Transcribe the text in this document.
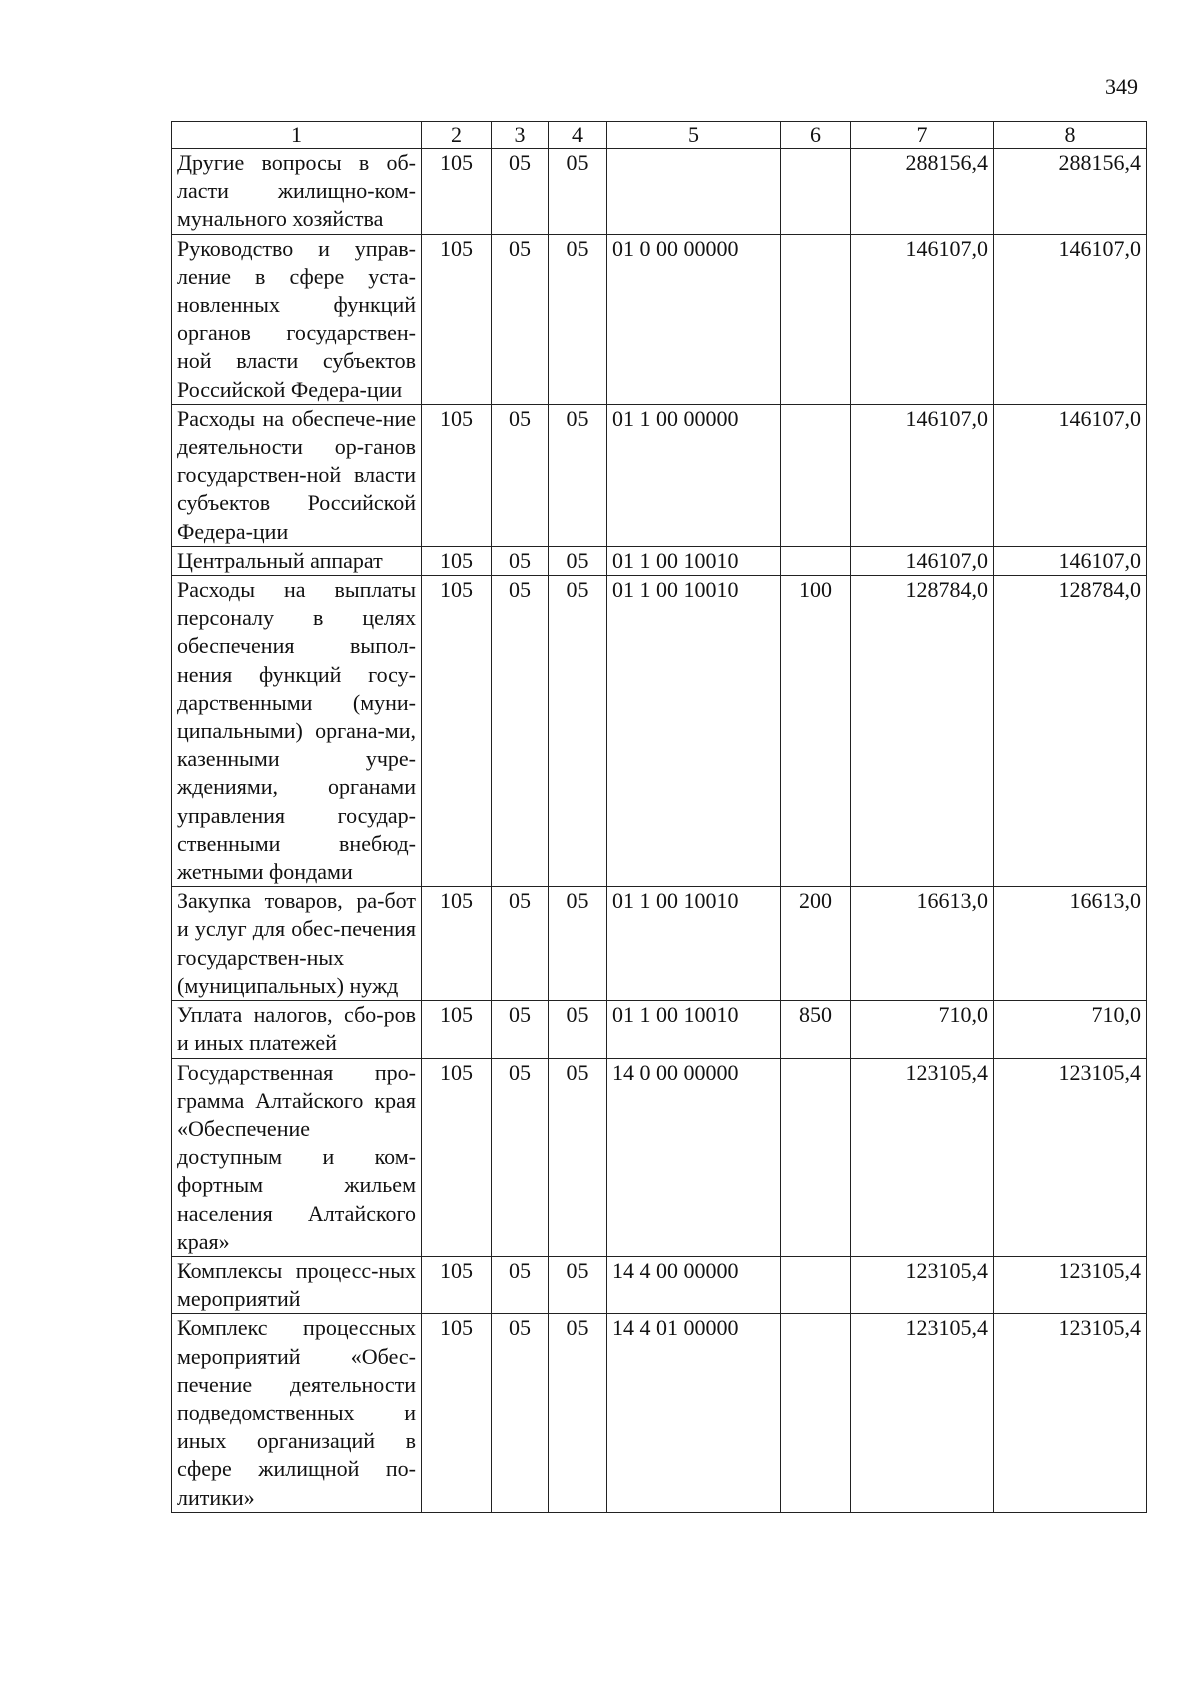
349
1	2	3	4	5	6	7	8
Другие вопросы в об-ласти жилищно-ком-мунального хозяйства	105	05	05			288156,4	288156,4
Руководство и управ-ление в сфере уста-новленных функций органов государствен-ной власти субъектов Российской Федера-ции	105	05	05	01 0 00 00000		146107,0	146107,0
Расходы на обеспече-ние деятельности ор-ганов государствен-ной власти субъектов Российской Федера-ции	105	05	05	01 1 00 00000		146107,0	146107,0
Центральный аппарат	105	05	05	01 1 00 10010		146107,0	146107,0
Расходы на выплаты персоналу в целях обеспечения выпол-нения функций госу-дарственными (муни-ципальными) органа-ми, казенными учре-ждениями, органами управления государ-ственными внебюд-жетными фондами	105	05	05	01 1 00 10010	100	128784,0	128784,0
Закупка товаров, ра-бот и услуг для обес-печения государствен-ных (муниципальных) нужд	105	05	05	01 1 00 10010	200	16613,0	16613,0
Уплата налогов, сбо-ров и иных платежей	105	05	05	01 1 00 10010	850	710,0	710,0
Государственная про-грамма Алтайского края «Обеспечение доступным и ком-фортным жильем населения Алтайского края»	105	05	05	14 0 00 00000		123105,4	123105,4
Комплексы процесс-ных мероприятий	105	05	05	14 4 00 00000		123105,4	123105,4
Комплекс процессных мероприятий «Обес-печение деятельности подведомственных и иных организаций в сфере жилищной по-литики»	105	05	05	14 4 01 00000		123105,4	123105,4
